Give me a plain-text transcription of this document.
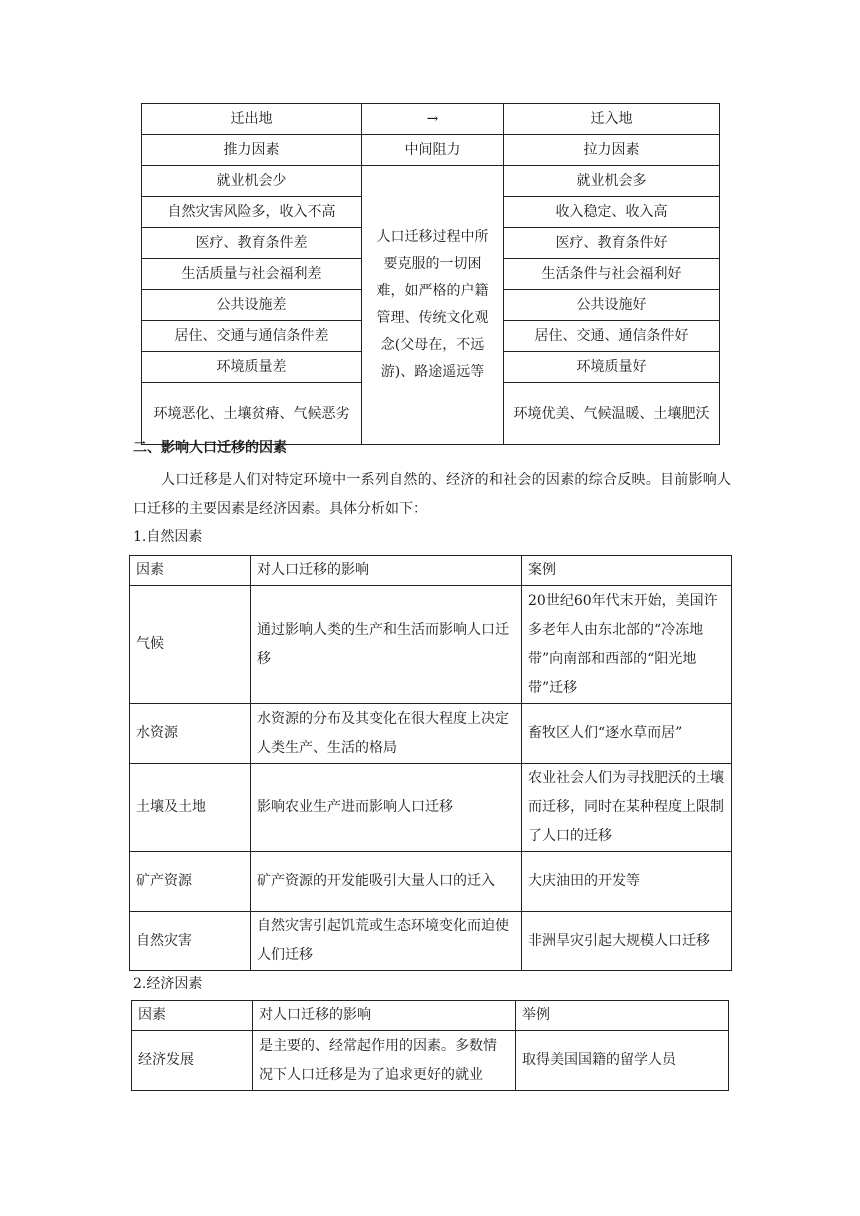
迁出地	→	迁入地
推力因素	中间阻力	拉力因素
就业机会少	人口迁移过程中所要克服的一切困难，如严格的户籍管理、传统文化观念(父母在，不远游)、路途遥远等	就业机会多
自然灾害风险多，收入不高		收入稳定、收入高
医疗、教育条件差		医疗、教育条件好
生活质量与社会福利差		生活条件与社会福利好
公共设施差		公共设施好
居住、交通与通信条件差		居住、交通、通信条件好
环境质量差		环境质量好
环境恶化、土壤贫瘠、气候恶劣		环境优美、气候温暖、土壤肥沃
二、影响人口迁移的因素
人口迁移是人们对特定环境中一系列自然的、经济的和社会的因素的综合反映。目前影响人口迁移的主要因素是经济因素。具体分析如下：
1.自然因素
因素	对人口迁移的影响	案例
气候	通过影响人类的生产和生活而影响人口迁移	20世纪60年代末开始，美国许多老年人由东北部的“冷冻地带”向南部和西部的“阳光地带”迁移
水资源	水资源的分布及其变化在很大程度上决定人类生产、生活的格局	畜牧区人们“逐水草而居”
土壤及土地	影响农业生产进而影响人口迁移	农业社会人们为寻找肥沃的土壤而迁移，同时在某种程度上限制了人口的迁移
矿产资源	矿产资源的开发能吸引大量人口的迁入	大庆油田的开发等
自然灾害	自然灾害引起饥荒或生态环境变化而迫使人们迁移	非洲旱灾引起大规模人口迁移
2.经济因素
因素	对人口迁移的影响	举例
经济发展	是主要的、经常起作用的因素。多数情况下人口迁移是为了追求更好的就业	取得美国国籍的留学人员
